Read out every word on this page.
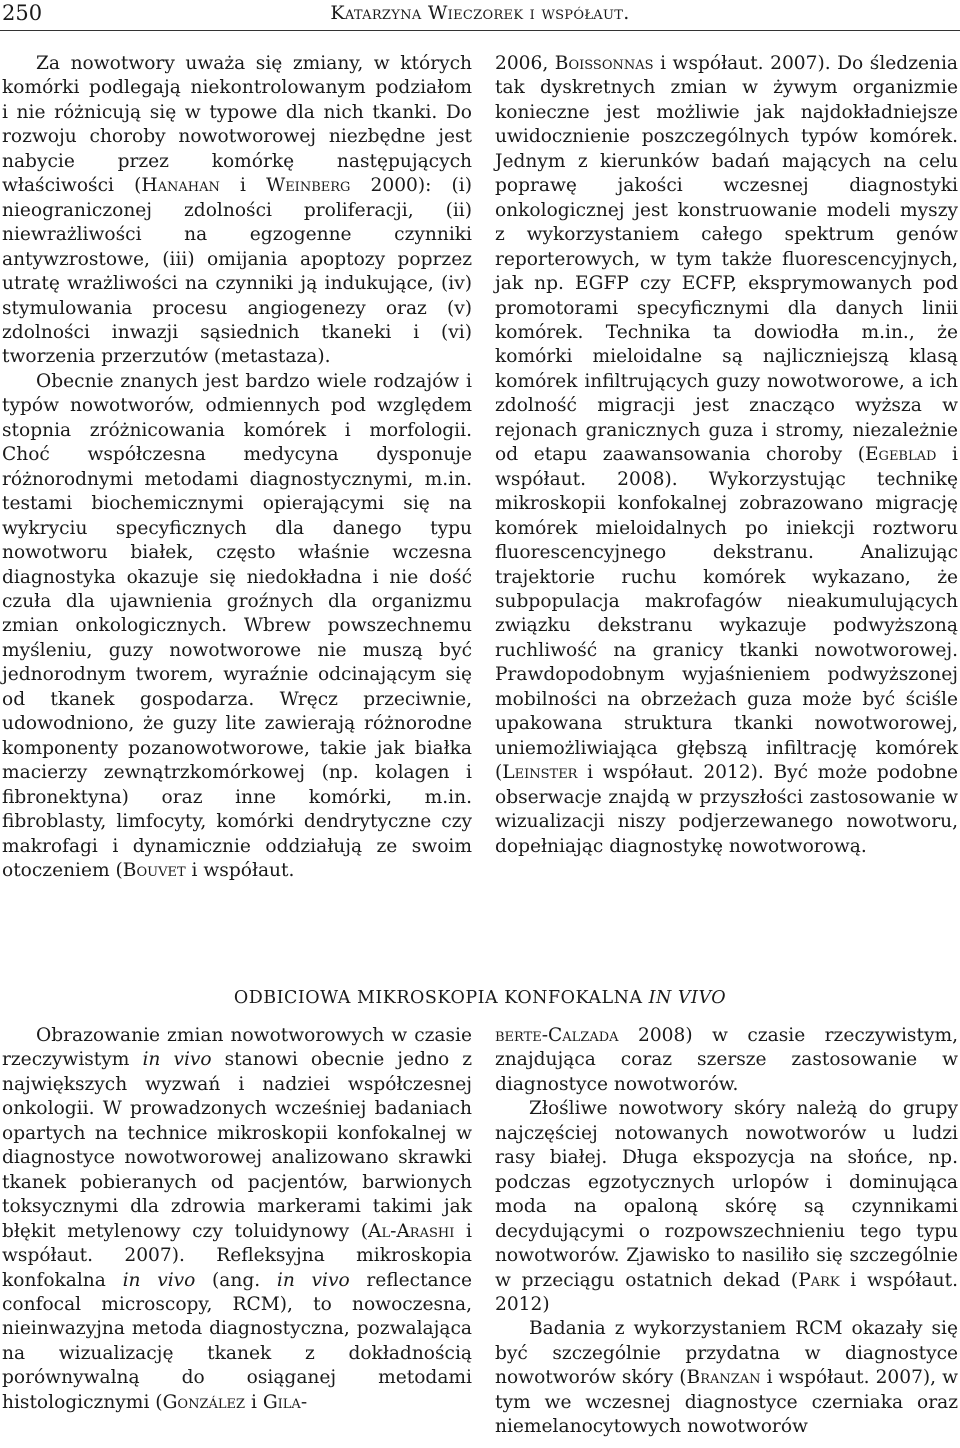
250	Katarzyna Wieczorek i współaut.

Za nowotwory uważa się zmiany, w których komórki podlegają niekontrolowanym podziałom i nie różnicują się w typowe dla nich tkanki. Do rozwoju choroby nowotworowej niezbędne jest nabycie przez komórkę następujących właściwości (Hanahan i Weinberg 2000): (i) nieograniczonej zdolności proliferacji, (ii) niewrażliwości na egzogenne czynniki antywzrostowe, (iii) omijania apoptozy poprzez utratę wrażliwości na czynniki ją indukujące, (iv) stymulowania procesu angiogenezy oraz (v) zdolności inwazji sąsiednich tkaneki i (vi) tworzenia przerzutów (metastaza).

Obecnie znanych jest bardzo wiele rodzajów i typów nowotworów, odmiennych pod względem stopnia zróżnicowania komórek i morfologii. Choć współczesna medycyna dysponuje różnorodnymi metodami diagnostycznymi, m.in. testami biochemicznymi opierającymi się na wykryciu specyficznych dla danego typu nowotworu białek, często właśnie wczesna diagnostyka okazuje się niedokładna i nie dość czuła dla ujawnienia groźnych dla organizmu zmian onkologicznych. Wbrew powszechnemu myśleniu, guzy nowotworowe nie muszą być jednorodnym tworem, wyraźnie odcinającym się od tkanek gospodarza. Wręcz przeciwnie, udowodniono, że guzy lite zawierają różnorodne komponenty pozanowotworowe, takie jak białka macierzy zewnątrzkomórkowej (np. kolagen i fibronektyna) oraz inne komórki, m.in. fibroblasty, limfocyty, komórki dendrytyczne czy makrofagi i dynamicznie oddziałują ze swoim otoczeniem (Bouvet i współaut.

2006, Boissonnas i współaut. 2007). Do śledzenia tak dyskretnych zmian w żywym organizmie konieczne jest możliwie jak najdokładniejsze uwidocznienie poszczególnych typów komórek. Jednym z kierunków badań mających na celu poprawę jakości wczesnej diagnostyki onkologicznej jest konstruowanie modeli myszy z wykorzystaniem całego spektrum genów reporterowych, w tym także fluorescencyjnych, jak np. EGFP czy ECFP, eksprymowanych pod promotorami specyficznymi dla danych linii komórek. Technika ta dowiodła m.in., że komórki mieloidalne są najliczniejszą klasą komórek infiltrujących guzy nowotworowe, a ich zdolność migracji jest znacząco wyższa w rejonach granicznych guza i stromy, niezależnie od etapu zaawansowania choroby (Egeblad i współaut. 2008). Wykorzystując technikę mikroskopii konfokalnej zobrazowano migrację komórek mieloidalnych po iniekcji roztworu fluorescencyjnego dekstranu. Analizując trajektorie ruchu komórek wykazano, że subpopulacja makrofagów nieakumulujących związku dekstranu wykazuje podwyższoną ruchliwość na granicy tkanki nowotworowej. Prawdopodobnym wyjaśnieniem podwyższonej mobilności na obrzeżach guza może być ściśle upakowana struktura tkanki nowotworowej, uniemożliwiająca głębszą infiltrację komórek (Leinster i współaut. 2012). Być może podobne obserwacje znajdą w przyszłości zastosowanie w wizualizacji niszy podjerzewanego nowotworu, dopełniając diagnostykę nowotworową.

ODBICIOWA MIKROSKOPIA KONFOKALNA IN VIVO

Obrazowanie zmian nowotworowych w czasie rzeczywistym in vivo stanowi obecnie jedno z największych wyzwań i nadziei współczesnej onkologii. W prowadzonych wcześniej badaniach opartych na technice mikroskopii konfokalnej w diagnostyce nowotworowej analizowano skrawki tkanek pobieranych od pacjentów, barwionych toksycznymi dla zdrowia markerami takimi jak błękit metylenowy czy toluidynowy (Al-Arashi i współaut. 2007). Refleksyjna mikroskopia konfokalna in vivo (ang. in vivo reflectance confocal microscopy, RCM), to nowoczesna, nieinwazyjna metoda diagnostyczna, pozwalająca na wizualizację tkanek z dokładnością porównywalną do osiąganej metodami histologicznymi (González i Gila-

berte-Calzada 2008) w czasie rzeczywistym, znajdująca coraz szersze zastosowanie w diagnostyce nowotworów.

Złośliwe nowotwory skóry należą do grupy najczęściej notowanych nowotworów u ludzi rasy białej. Długa ekspozycja na słońce, np. podczas egzotycznych urlopów i dominująca moda na opaloną skórę są czynnikami decydującymi o rozpowszechnieniu tego typu nowotworów. Zjawisko to nasiliło się szczególnie w przeciągu ostatnich dekad (Park i współaut. 2012)

Badania z wykorzystaniem RCM okazały się być szczególnie przydatna w diagnostyce nowotworów skóry (Branzan i współaut. 2007), w tym we wczesnej diagnostyce czerniaka oraz niemelanocytowych nowotworów
